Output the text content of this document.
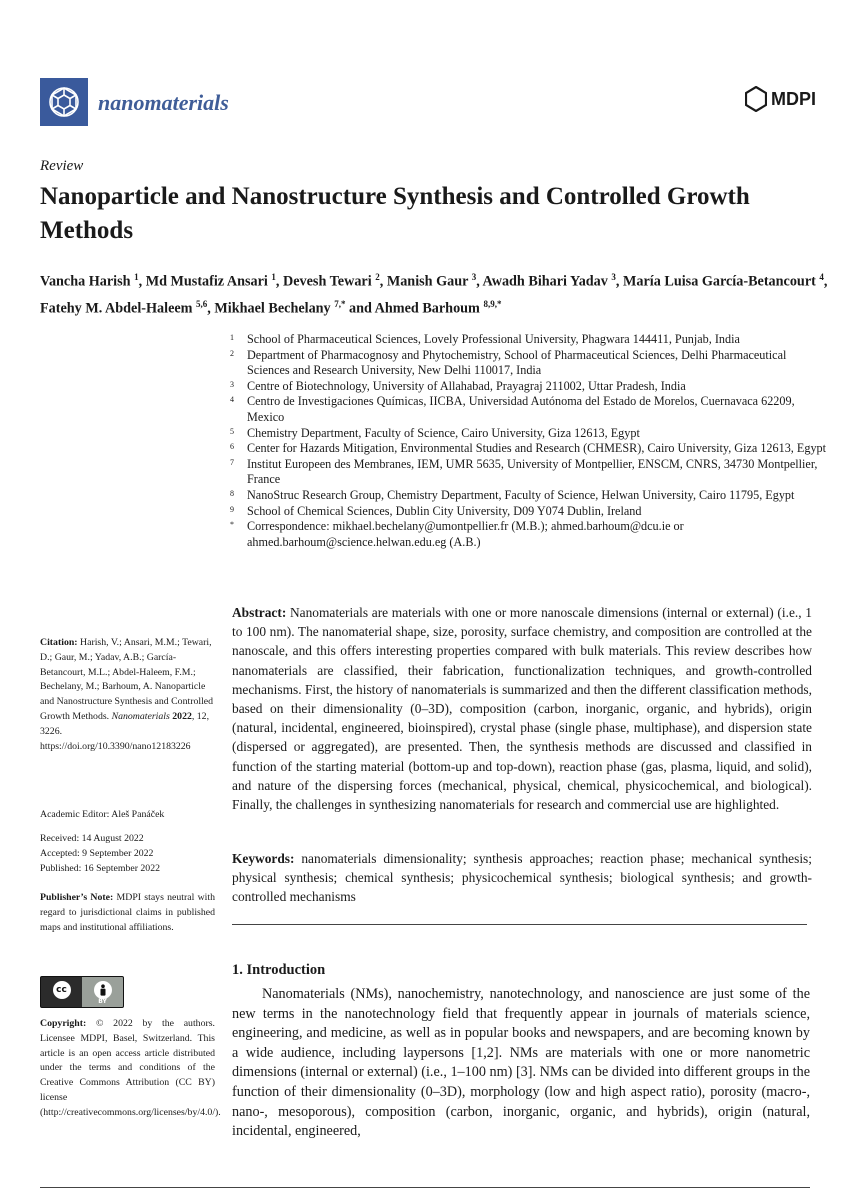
nanomaterials	MDPI
Review
Nanoparticle and Nanostructure Synthesis and Controlled Growth Methods
Vancha Harish $^1$, Md Mustafiz Ansari $^1$, Devesh Tewari $^2$, Manish Gaur $^3$, Awadh Bihari Yadav $^3$, María Luisa García-Betancourt $^4$, Fatehy M. Abdel-Haleem $^{5,6}$, Mikhael Bechelany $^{7,*}$ and Ahmed Barhoum $^{8,9,*}$
1	School of Pharmaceutical Sciences, Lovely Professional University, Phagwara 144411, Punjab, India
2	Department of Pharmacognosy and Phytochemistry, School of Pharmaceutical Sciences, Delhi Pharmaceutical Sciences and Research University, New Delhi 110017, India
3	Centre of Biotechnology, University of Allahabad, Prayagraj 211002, Uttar Pradesh, India
4	Centro de Investigaciones Químicas, IICBA, Universidad Autónoma del Estado de Morelos, Cuernavaca 62209, Mexico
5	Chemistry Department, Faculty of Science, Cairo University, Giza 12613, Egypt
6	Center for Hazards Mitigation, Environmental Studies and Research (CHMESR), Cairo University, Giza 12613, Egypt
7	Institut Europeen des Membranes, IEM, UMR 5635, University of Montpellier, ENSCM, CNRS, 34730 Montpellier, France
8	NanoStruc Research Group, Chemistry Department, Faculty of Science, Helwan University, Cairo 11795, Egypt
9	School of Chemical Sciences, Dublin City University, D09 Y074 Dublin, Ireland
*	Correspondence: mikhael.bechelany@umontpellier.fr (M.B.); ahmed.barhoum@dcu.ie or ahmed.barhoum@science.helwan.edu.eg (A.B.)
Abstract: Nanomaterials are materials with one or more nanoscale dimensions (internal or external) (i.e., 1 to 100 nm). The nanomaterial shape, size, porosity, surface chemistry, and composition are controlled at the nanoscale, and this offers interesting properties compared with bulk materials. This review describes how nanomaterials are classified, their fabrication, functionalization techniques, and growth-controlled mechanisms. First, the history of nanomaterials is summarized and then the different classification methods, based on their dimensionality (0–3D), composition (carbon, inorganic, organic, and hybrids), origin (natural, incidental, engineered, bioinspired), crystal phase (single phase, multiphase), and dispersion state (dispersed or aggregated), are presented. Then, the synthesis methods are discussed and classified in function of the starting material (bottom-up and top-down), reaction phase (gas, plasma, liquid, and solid), and nature of the dispersing forces (mechanical, physical, chemical, physicochemical, and biological). Finally, the challenges in synthesizing nanomaterials for research and commercial use are highlighted.
Keywords: nanomaterials dimensionality; synthesis approaches; reaction phase; mechanical synthesis; physical synthesis; chemical synthesis; physicochemical synthesis; biological synthesis; and growth-controlled mechanisms
1. Introduction
Nanomaterials (NMs), nanochemistry, nanotechnology, and nanoscience are just some of the new terms in the nanotechnology field that frequently appear in journals of materials science, engineering, and medicine, as well as in popular books and newspapers, and are becoming known by a wide audience, including laypersons [1,2]. NMs are materials with one or more nanometric dimensions (internal or external) (i.e., 1–100 nm) [3]. NMs can be divided into different groups in the function of their dimensionality (0–3D), morphology (low and high aspect ratio), porosity (macro-, nano-, mesoporous), composition (carbon, inorganic, organic, and hybrids), origin (natural, incidental, engineered,
Citation: Harish, V.; Ansari, M.M.; Tewari, D.; Gaur, M.; Yadav, A.B.; García-Betancourt, M.L.; Abdel-Haleem, F.M.; Bechelany, M.; Barhoum, A. Nanoparticle and Nanostructure Synthesis and Controlled Growth Methods. Nanomaterials 2022, 12, 3226. https://doi.org/10.3390/nano12183226
Academic Editor: Aleš Panáček
Received: 14 August 2022
Accepted: 9 September 2022
Published: 16 September 2022
Publisher’s Note: MDPI stays neutral with regard to jurisdictional claims in published maps and institutional affiliations.
cc
BY
Copyright: © 2022 by the authors. Licensee MDPI, Basel, Switzerland. This article is an open access article distributed under the terms and conditions of the Creative Commons Attribution (CC BY) license (http://creativecommons.org/licenses/by/4.0/).
